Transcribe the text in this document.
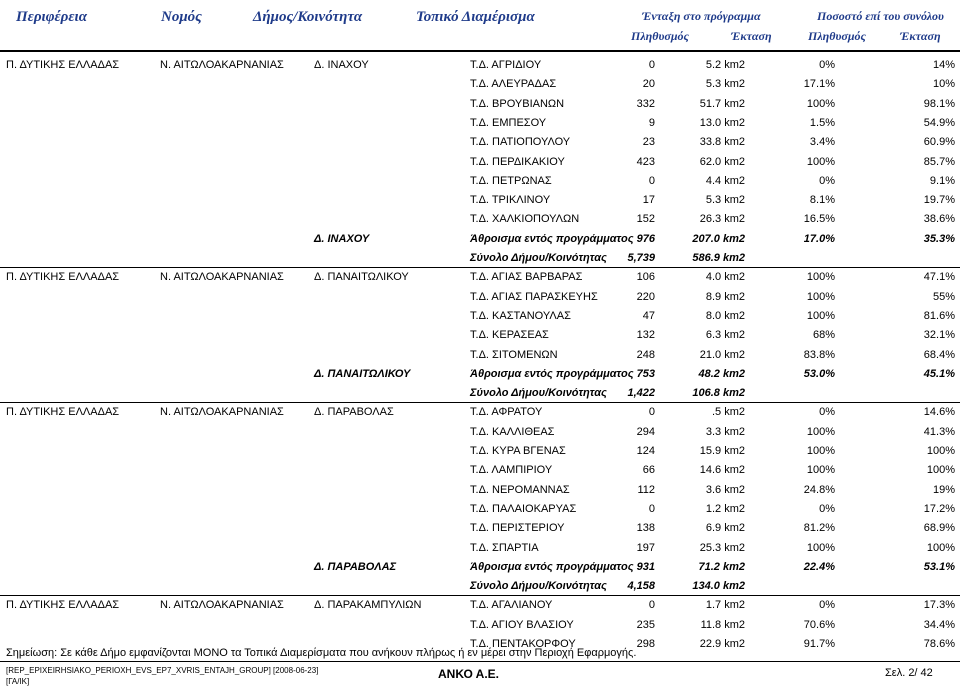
Περιφέρεια	Νομός	Δήμος/Κοινότητα	Τοπικό Διαμέρισμα	Ένταξη στο πρόγραμμα	Ποσοστό επί του συνόλου
Πληθυσμός	Έκταση	Πληθυσμός	Έκταση
Π. ΔΥΤΙΚΗΣ ΕΛΛΑΔΑΣ	Ν. ΑΙΤΩΛΟΑΚΑΡΝΑΝΙΑΣ	Δ. ΙΝΑΧΟΥ	Τ.Δ. ΑΓΡΙΔΙΟΥ	0	5.2 km2	0%	14%
Τ.Δ. ΑΛΕΥΡΑΔΑΣ	20	5.3 km2	17.1%	10%
Τ.Δ. ΒΡΟΥΒΙΑΝΩΝ	332	51.7 km2	100%	98.1%
Τ.Δ. ΕΜΠΕΣΟΥ	9	13.0 km2	1.5%	54.9%
Τ.Δ. ΠΑΤΙΟΠΟΥΛΟΥ	23	33.8 km2	3.4%	60.9%
Τ.Δ. ΠΕΡΔΙΚΑΚΙΟΥ	423	62.0 km2	100%	85.7%
Τ.Δ. ΠΕΤΡΩΝΑΣ	0	4.4 km2	0%	9.1%
Τ.Δ. ΤΡΙΚΛΙΝΟΥ	17	5.3 km2	8.1%	19.7%
Τ.Δ. ΧΑΛΚΙΟΠΟΥΛΩΝ	152	26.3 km2	16.5%	38.6%
Δ. ΙΝΑΧΟΥ	Άθροισμα εντός προγράμματος 976	207.0 km2	17.0%	35.3%
Σύνολο Δήμου/Κοινότητας 5,739	586.9 km2
Π. ΔΥΤΙΚΗΣ ΕΛΛΑΔΑΣ	Ν. ΑΙΤΩΛΟΑΚΑΡΝΑΝΙΑΣ	Δ. ΠΑΝΑΙΤΩΛΙΚΟΥ	Τ.Δ. ΑΓΙΑΣ ΒΑΡΒΑΡΑΣ	106	4.0 km2	100%	47.1%
Τ.Δ. ΑΓΙΑΣ ΠΑΡΑΣΚΕΥΗΣ	220	8.9 km2	100%	55%
Τ.Δ. ΚΑΣΤΑΝΟΥΛΑΣ	47	8.0 km2	100%	81.6%
Τ.Δ. ΚΕΡΑΣΕΑΣ	132	6.3 km2	68%	32.1%
Τ.Δ. ΣΙΤΟΜΕΝΩΝ	248	21.0 km2	83.8%	68.4%
Δ. ΠΑΝΑΙΤΩΛΙΚΟΥ	Άθροισμα εντός προγράμματος 753	48.2 km2	53.0%	45.1%
Σύνολο Δήμου/Κοινότητας 1,422	106.8 km2
Π. ΔΥΤΙΚΗΣ ΕΛΛΑΔΑΣ	Ν. ΑΙΤΩΛΟΑΚΑΡΝΑΝΙΑΣ	Δ. ΠΑΡΑΒΟΛΑΣ	Τ.Δ. ΑΦΡΑΤΟΥ	0	.5 km2	0%	14.6%
Τ.Δ. ΚΑΛΛΙΘΕΑΣ	294	3.3 km2	100%	41.3%
Τ.Δ. ΚΥΡΑ ΒΓΕΝΑΣ	124	15.9 km2	100%	100%
Τ.Δ. ΛΑΜΠΙΡΙΟΥ	66	14.6 km2	100%	100%
Τ.Δ. ΝΕΡΟΜΑΝΝΑΣ	112	3.6 km2	24.8%	19%
Τ.Δ. ΠΑΛΑΙΟΚΑΡΥΑΣ	0	1.2 km2	0%	17.2%
Τ.Δ. ΠΕΡΙΣΤΕΡΙΟΥ	138	6.9 km2	81.2%	68.9%
Τ.Δ. ΣΠΑΡΤΙΑ	197	25.3 km2	100%	100%
Δ. ΠΑΡΑΒΟΛΑΣ	Άθροισμα εντός προγράμματος 931	71.2 km2	22.4%	53.1%
Σύνολο Δήμου/Κοινότητας 4,158	134.0 km2
Π. ΔΥΤΙΚΗΣ ΕΛΛΑΔΑΣ	Ν. ΑΙΤΩΛΟΑΚΑΡΝΑΝΙΑΣ	Δ. ΠΑΡΑΚΑΜΠΥΛΙΩΝ	Τ.Δ. ΑΓΑΛΙΑΝΟΥ	0	1.7 km2	0%	17.3%
Τ.Δ. ΑΓΙΟΥ ΒΛΑΣΙΟΥ	235	11.8 km2	70.6%	34.4%
Τ.Δ. ΠΕΝΤΑΚΟΡΦΟΥ	298	22.9 km2	91.7%	78.6%
Σημείωση: Σε κάθε Δήμο εμφανίζονται ΜΟΝΟ τα Τοπικά Διαμερίσματα που ανήκουν πλήρως ή εν μέρει στην Περιοχή Εφαρμογής.
[REP_EPIXEIRHSIAKO_PERIOXH_EVS_EP7_XVRIS_ENTAJH_GROUP] [2008-06-23]
[ΓΑ/ΙΚ]
ΑΝΚΟ Α.Ε.	Σελ. 2/ 42
